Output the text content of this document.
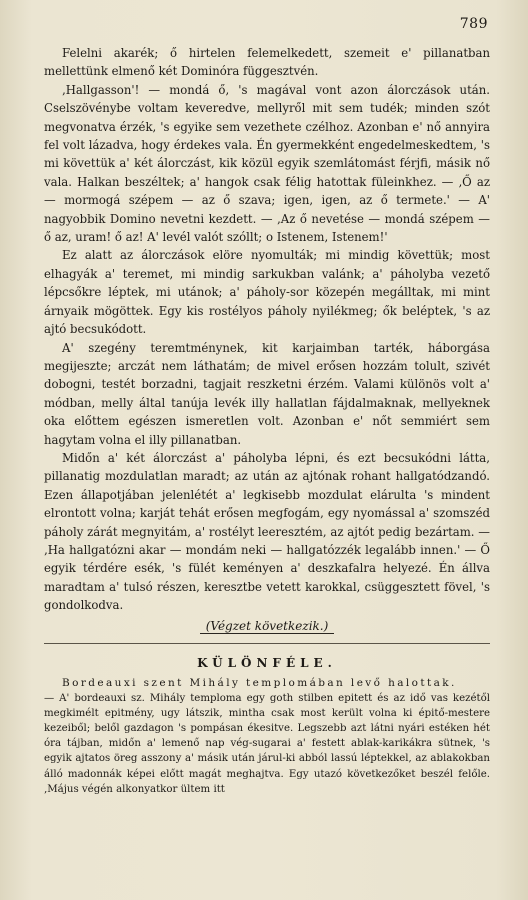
789

Felelni akarék; ő hirtelen felemelkedett, szemeit e' pillanatban mellettünk elmenő két Dominóra függesztvén.

‚Hallgasson'! — mondá ő, 's magával vont azon álorczások után. Cselszövénybe voltam keveredve, mellyről mit sem tudék; minden szót megvonatva érzék, 's egyike sem vezethete czélhoz. Azonban e' nő annyira fel volt lázadva, hogy érdekes vala. Én gyermekként engedelmeskedtem, 's mi követtük a' két álorczást, kik közül egyik szemlátomást férjfi, másik nő vala. Halkan beszéltek; a' hangok csak félig hatottak füleinkhez. — ‚Ő az — mormogá szépem — az ő szava; igen, igen, az ő termete.' — A' nagyobbik Domino nevetni kezdett. — ‚Az ő nevetése — mondá szépem — ő az, uram! ő az! A' levél valót szóllt; o Istenem, Istenem!'

Ez alatt az álorczások elöre nyomulták; mi mindig követtük; most elhagyák a' teremet, mi mindig sarkukban valánk; a' páholyba vezető lépcsőkre léptek, mi utánok; a' páholy-sor közepén megálltak, mi mint árnyaik mögöttek. Egy kis rostélyos páholy nyilékmeg; ők beléptek, 's az ajtó becsukódott.

A' szegény teremtménynek, kit karjaimban tarték, háborgása megijeszte; arczát nem láthatám; de mivel erősen hozzám tolult, szivét dobogni, testét borzadni, tagjait reszketni érzém. Valami különös volt a' módban, melly által tanúja levék illy hallatlan fájdalmaknak, mellyeknek oka előttem egészen ismeretlen volt. Azonban e' nőt semmiért sem hagytam volna el illy pillanatban.

Midőn a' két álorczást a' páholyba lépni, és ezt becsukódni látta, pillanatig mozdulatlan maradt; az után az ajtónak rohant hallgatódzandó. Ezen állapotjában jelenlétét a' legkisebb mozdulat elárulta 's mindent elrontott volna; karját tehát erősen megfogám, egy nyomással a' szomszéd páholy zárát megnyitám, a' rostélyt leeresztém, az ajtót pedig bezártam. — ‚Ha hallgatózni akar — mondám neki — hallgatózzék legalább innen.' — Ő egyik térdére esék, 's fülét keményen a' deszkafalra helyezé. Én állva maradtam a' tulsó részen, keresztbe vetett karokkal, csüggesztett fövel, 's gondolkodva.

(Végzet következik.)
KÜLÖNFÉLE.
Bordeauxi szent Mihály templomában levő halottak.

— A' bordeauxi sz. Mihály temploma egy goth stilben epitett és az idő vas kezétől megkimélt epitmény, ugy látszik, mintha csak most került volna ki épitő-mestere kezeiből; belől gazdagon 's pompásan ékesitve. Legszebb azt látni nyári estéken hét óra tájban, midőn a' lemenő nap vég-sugarai a' festett ablak-karikákra sütnek, 's egyik ajtatos öreg asszony a' másik után járul-ki abból lassú léptekkel, az ablakokban álló madonnák képei előtt magát meghajtva. Egy utazó következőket beszél felőle. ‚Május végén alkonyatkor ültem itt
